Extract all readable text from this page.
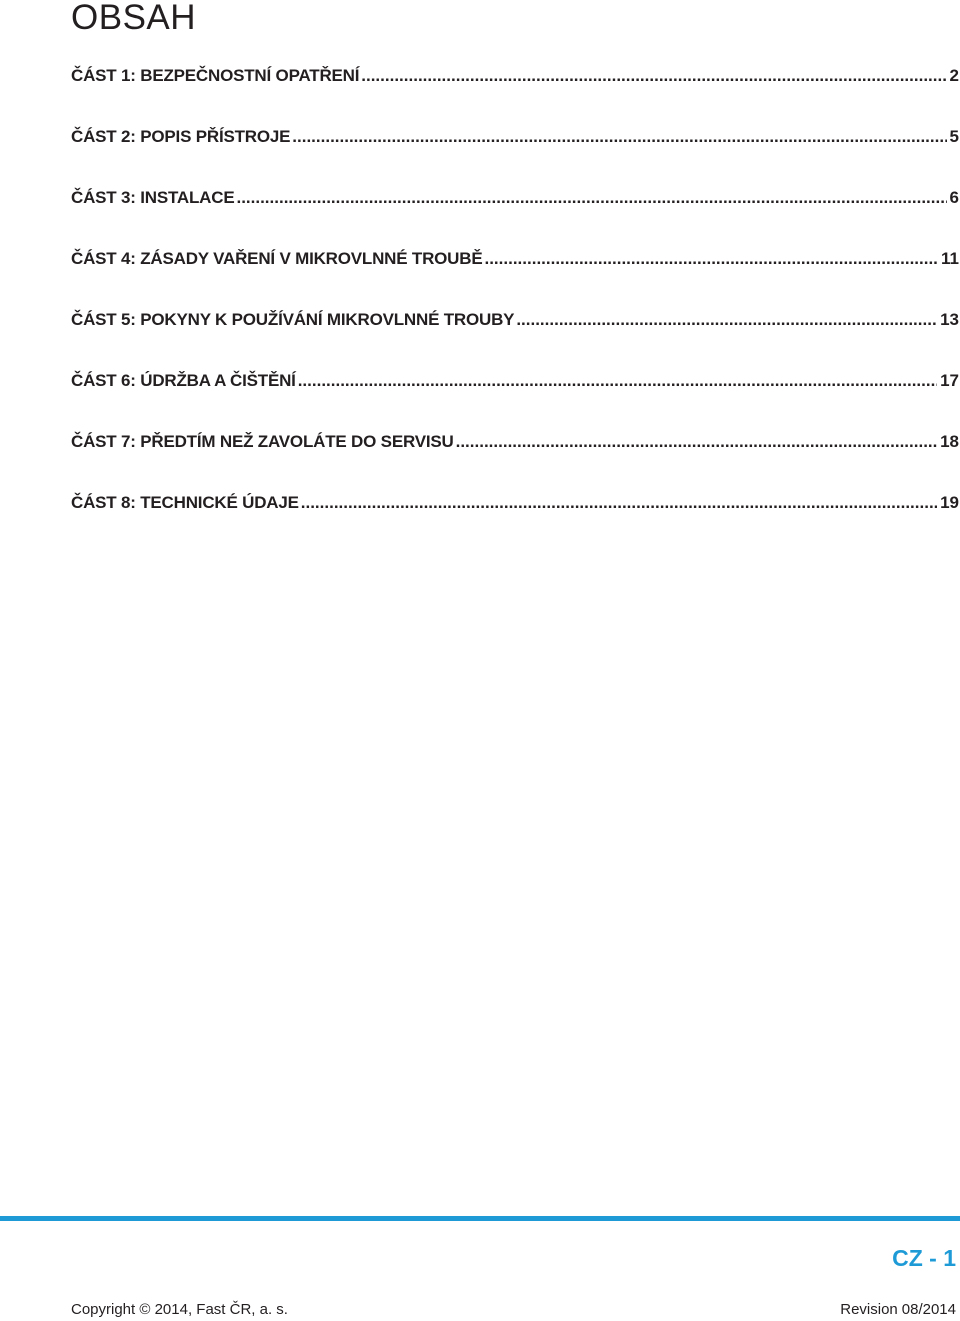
OBSAH
ČÁST 1: BEZPEČNOSTNÍ OPATŘENÍ .....	2
ČÁST 2: POPIS PŘÍSTROJE .....	5
ČÁST 3: INSTALACE .....	6
ČÁST 4: ZÁSADY VAŘENÍ V MIKROVLNNÉ TROUBĚ .....	11
ČÁST 5: POKYNY K POUŽÍVÁNÍ MIKROVLNNÉ TROUBY .....	13
ČÁST 6: ÚDRŽBA A ČIŠTĚNÍ .....	17
ČÁST 7: PŘEDTÍM NEŽ ZAVOLÁTE DO SERVISU .....	18
ČÁST 8: TECHNICKÉ ÚDAJE .....	19
CZ - 1
Copyright © 2014, Fast ČR, a. s.	Revision 08/2014
